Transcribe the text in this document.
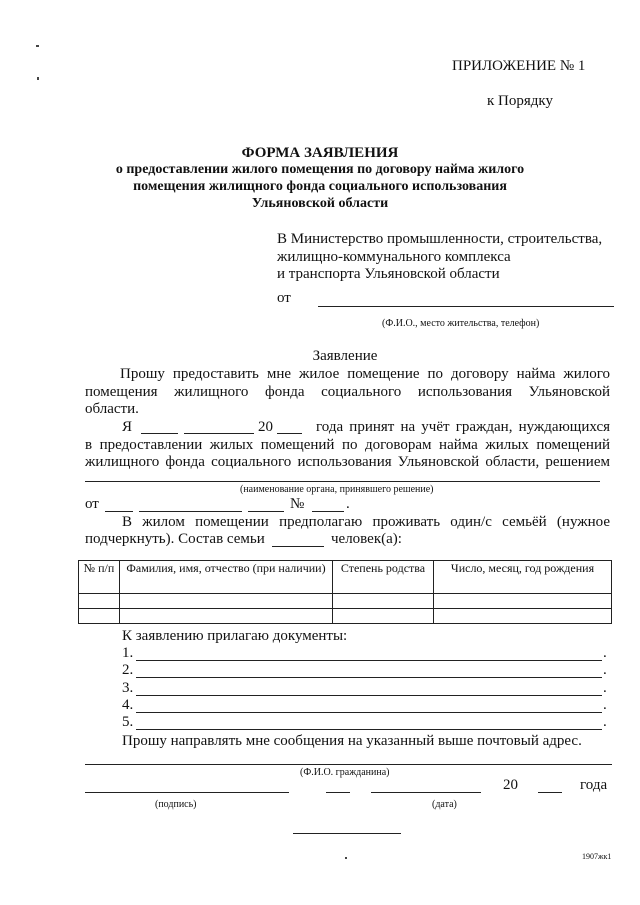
ПРИЛОЖЕНИЕ № 1
к Порядку
ФОРМА ЗАЯВЛЕНИЯ
о предоставлении жилого помещения по договору найма жилого
помещения жилищного фонда социального использования
Ульяновской области
В Министерство промышленности, строительства,
жилищно-коммунального комплекса
и транспорта Ульяновской области
от
(Ф.И.О., место жительства, телефон)
Заявление
Прошу предоставить мне жилое помещение по договору найма жилого
помещения жилищного фонда социального использования Ульяновской
области.
Я	20	года принят на учёт граждан, нуждающихся
в предоставлении жилых помещений по договорам найма жилых помещений
жилищного фонда социального использования Ульяновской области, решением
(наименование органа, принявшего решение)
от	№	.
В жилом помещении предполагаю проживать один/с семьёй (нужное
подчеркнуть). Состав семьи	человек(а):
№ п/п	Фамилия, имя, отчество (при наличии)	Степень родства	Число, месяц, год рождения

К заявлению прилагаю документы:
1.	.
2.	.
3.	.
4.	.
5.	.
Прошу направлять мне сообщения на указанный выше почтовый адрес.
(Ф.И.О. гражданина)
20	года
(подпись)	(дата)
1907жк1
